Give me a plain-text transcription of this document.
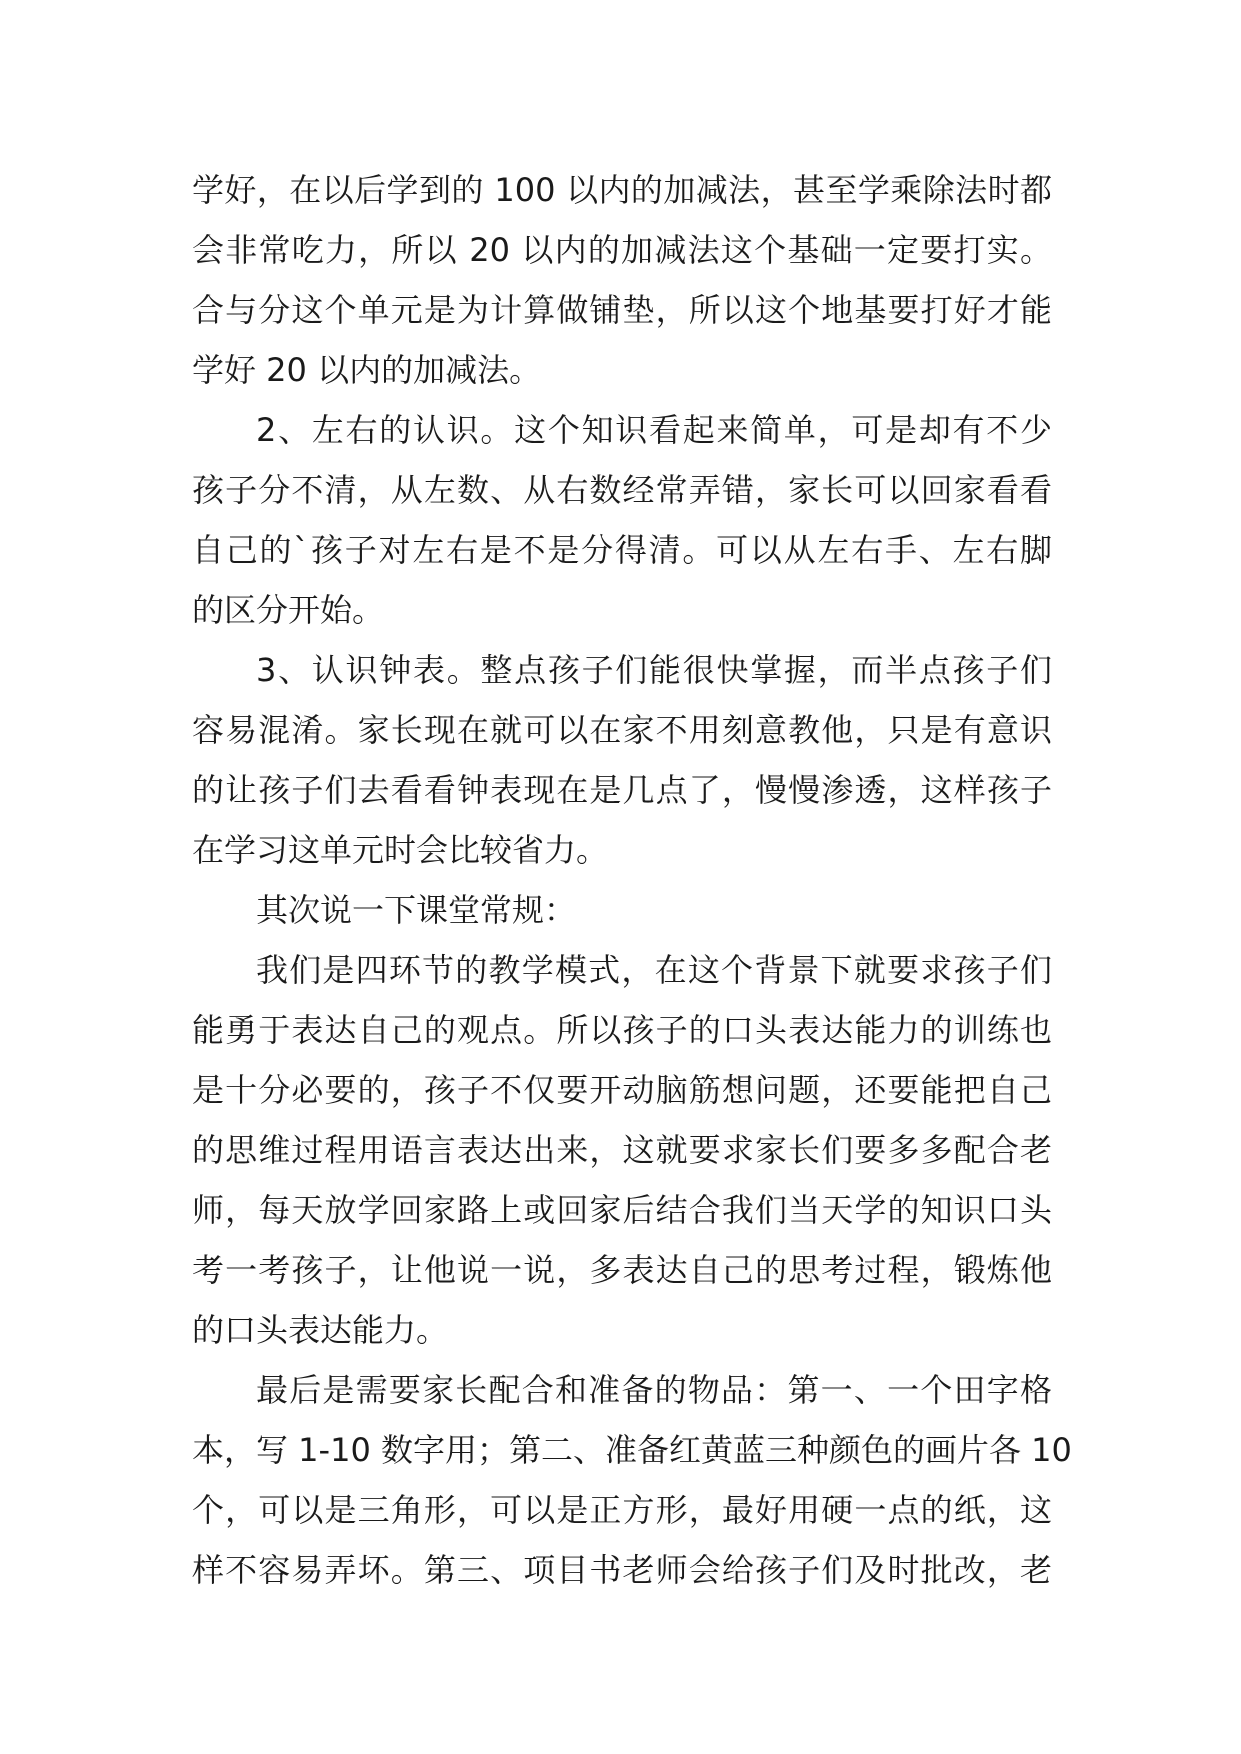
学好，在以后学到的 100 以内的加减法，甚至学乘除法时都
会非常吃力，所以 20 以内的加减法这个基础一定要打实。
合与分这个单元是为计算做铺垫，所以这个地基要打好才能
学好 20 以内的加减法。
2、左右的认识。这个知识看起来简单，可是却有不少
孩子分不清，从左数、从右数经常弄错，家长可以回家看看
自己的`孩子对左右是不是分得清。可以从左右手、左右脚
的区分开始。
3、认识钟表。整点孩子们能很快掌握，而半点孩子们
容易混淆。家长现在就可以在家不用刻意教他，只是有意识
的让孩子们去看看钟表现在是几点了，慢慢渗透，这样孩子
在学习这单元时会比较省力。
其次说一下课堂常规：
我们是四环节的教学模式，在这个背景下就要求孩子们
能勇于表达自己的观点。所以孩子的口头表达能力的训练也
是十分必要的，孩子不仅要开动脑筋想问题，还要能把自己
的思维过程用语言表达出来，这就要求家长们要多多配合老
师，每天放学回家路上或回家后结合我们当天学的知识口头
考一考孩子，让他说一说，多表达自己的思考过程，锻炼他
的口头表达能力。
最后是需要家长配合和准备的物品：第一、一个田字格
本，写 1-10 数字用；第二、准备红黄蓝三种颜色的画片各 10
个，可以是三角形，可以是正方形，最好用硬一点的纸，这
样不容易弄坏。第三、项目书老师会给孩子们及时批改，老
